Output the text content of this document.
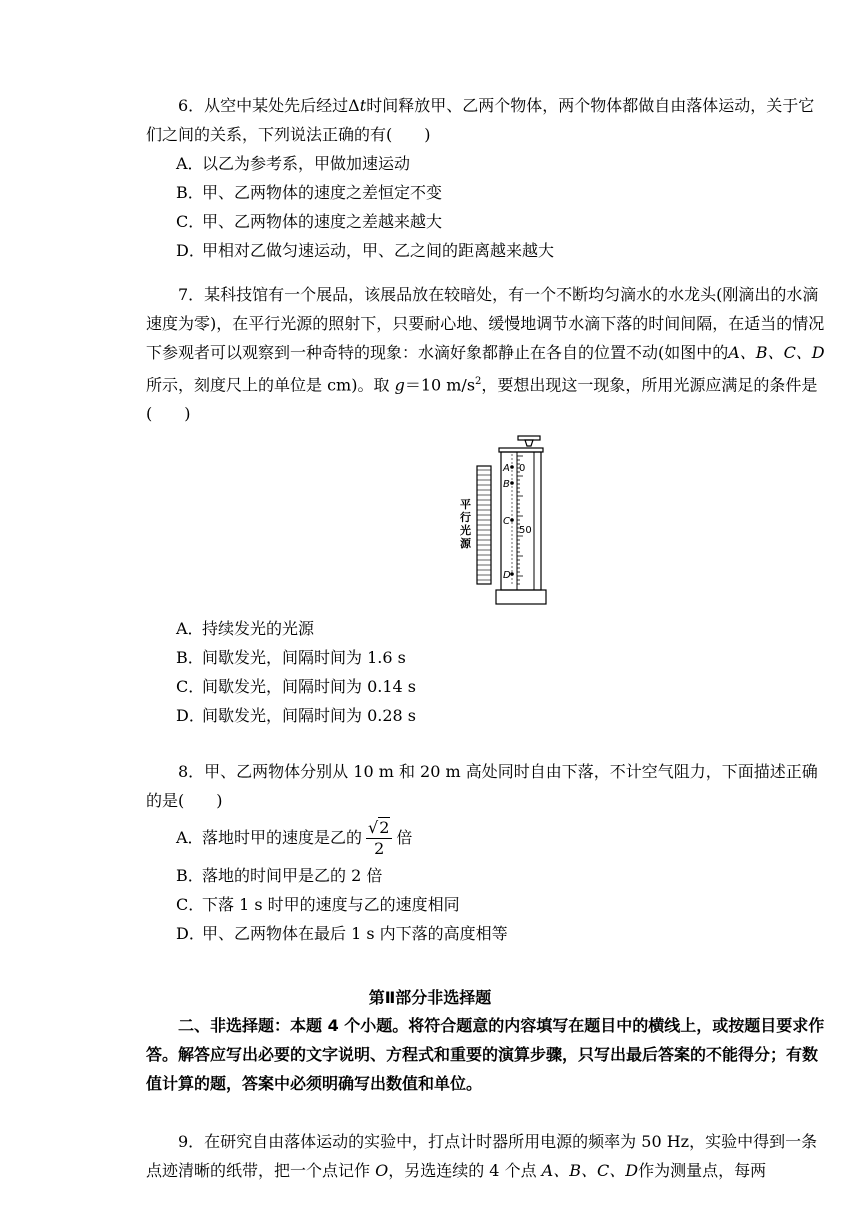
6．从空中某处先后经过Δt时间释放甲、乙两个物体，两个物体都做自由落体运动，关于它们之间的关系，下列说法正确的有(　　)

A．以乙为参考系，甲做加速运动

B．甲、乙两物体的速度之差恒定不变

C．甲、乙两物体的速度之差越来越大

D．甲相对乙做匀速运动，甲、乙之间的距离越来越大

7．某科技馆有一个展品，该展品放在较暗处，有一个不断均匀滴水的水龙头(刚滴出的水滴速度为零)，在平行光源的照射下，只要耐心地、缓慢地调节水滴下落的时间间隔，在适当的情况下参观者可以观察到一种奇特的现象：水滴好象都静止在各自的位置不动(如图中的A、B、C、D所示，刻度尺上的单位是 cm)。取 g＝10 $m/s^2$，要想出现这一现象，所用光源应满足的条件是(　　)

A
B
C
D
0
50
平
行
光
源

A．持续发光的光源

B．间歇发光，间隔时间为 1.6 s

C．间歇发光，间隔时间为 0.14 s

D．间歇发光，间隔时间为 0.28 s

8．甲、乙两物体分别从 10 m 和 20 m 高处同时自由下落，不计空气阻力，下面描述正确的是(　　)

A．落地时甲的速度是乙的 $\frac{√2}{2}$ 倍

B．落地的时间甲是乙的 2 倍

C．下落 1 s 时甲的速度与乙的速度相同

D．甲、乙两物体在最后 1 s 内下落的高度相等

第Ⅱ部分非选择题
二、非选择题：本题 4 个小题。将符合题意的内容填写在题目中的横线上，或按题目要求作答。解答应写出必要的文字说明、方程式和重要的演算步骤，只写出最后答案的不能得分；有数值计算的题，答案中必须明确写出数值和单位。
9．在研究自由落体运动的实验中，打点计时器所用电源的频率为 50 Hz，实验中得到一条点迹清晰的纸带，把一个点记作 O，另选连续的 4 个点 A、B、C、D作为测量点，每两
